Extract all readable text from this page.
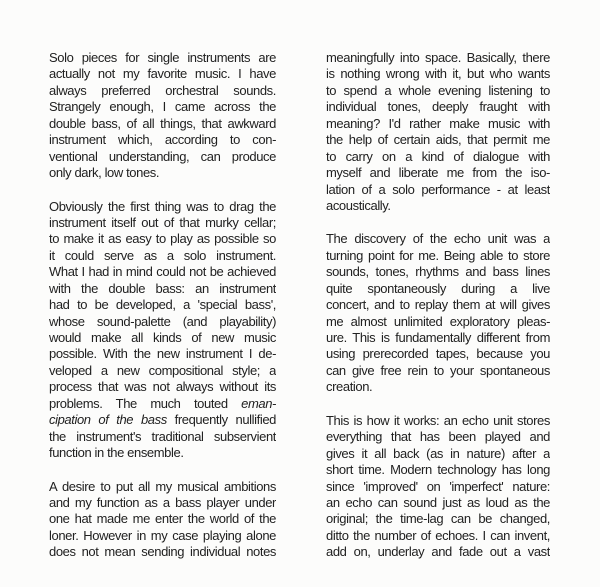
Solo pieces for single instruments are
actually not my favorite music. I have
always preferred orchestral sounds.
Strangely enough, I came across the
double bass, of all things, that awkward
instrument which, according to con-
ventional understanding, can produce
only dark, low tones.
Obviously the first thing was to drag the
instrument itself out of that murky cellar;
to make it as easy to play as possible so
it could serve as a solo instrument.
What I had in mind could not be achieved
with the double bass: an instrument
had to be developed, a 'special bass',
whose sound-palette (and playability)
would make all kinds of new music
possible. With the new instrument I de-
veloped a new compositional style; a
process that was not always without its
problems. The much touted eman-
cipation of the bass frequently nullified
the instrument's traditional subservient
function in the ensemble.
A desire to put all my musical ambitions
and my function as a bass player under
one hat made me enter the world of the
loner. However in my case playing alone
does not mean sending individual notes
meaningfully into space. Basically, there
is nothing wrong with it, but who wants
to spend a whole evening listening to
individual tones, deeply fraught with
meaning? I'd rather make music with
the help of certain aids, that permit me
to carry on a kind of dialogue with
myself and liberate me from the iso-
lation of a solo performance - at least
acoustically.
The discovery of the echo unit was a
turning point for me. Being able to store
sounds, tones, rhythms and bass lines
quite spontaneously during a live
concert, and to replay them at will gives
me almost unlimited exploratory pleas-
ure. This is fundamentally different from
using prerecorded tapes, because you
can give free rein to your spontaneous
creation.
This is how it works: an echo unit stores
everything that has been played and
gives it all back (as in nature) after a
short time. Modern technology has long
since 'improved' on 'imperfect' nature:
an echo can sound just as loud as the
original; the time-lag can be changed,
ditto the number of echoes. I can invent,
add on, underlay and fade out a vast
